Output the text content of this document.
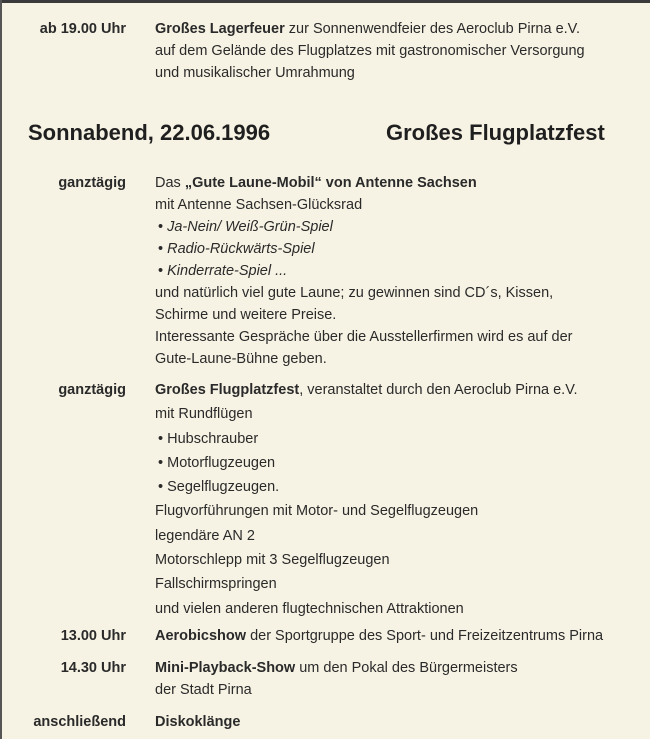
ab 19.00 Uhr Großes Lagerfeuer zur Sonnenwendfeier des Aeroclub Pirna e.V.
auf dem Gelände des Flugplatzes mit gastronomischer Versorgung
und musikalischer Umrahmung
Sonnabend, 22.06.1996	Großes Flugplatzfest
ganztägig Das „Gute Laune-Mobil“ von Antenne Sachsen
mit Antenne Sachsen-Glücksrad
• Ja-Nein/ Weiß-Grün-Spiel
• Radio-Rückwärts-Spiel
• Kinderrate-Spiel ...
und natürlich viel gute Laune; zu gewinnen sind CD´s, Kissen,
Schirme und weitere Preise.
Interessante Gespräche über die Ausstellerfirmen wird es auf der
Gute-Laune-Bühne geben.
ganztägig Großes Flugplatzfest, veranstaltet durch den Aeroclub Pirna e.V.
mit Rundflügen
• Hubschrauber
• Motorflugzeugen
• Segelflugzeugen.
Flugvorführungen mit Motor- und Segelflugzeugen
legendäre AN 2
Motorschlepp mit 3 Segelflugzeugen
Fallschirmspringen
und vielen anderen flugtechnischen Attraktionen
13.00 Uhr Aerobicshow der Sportgruppe des Sport- und Freizeitzentrums Pirna
14.30 Uhr Mini-Playback-Show um den Pokal des Bürgermeisters
der Stadt Pirna
anschließend Diskoklänge
